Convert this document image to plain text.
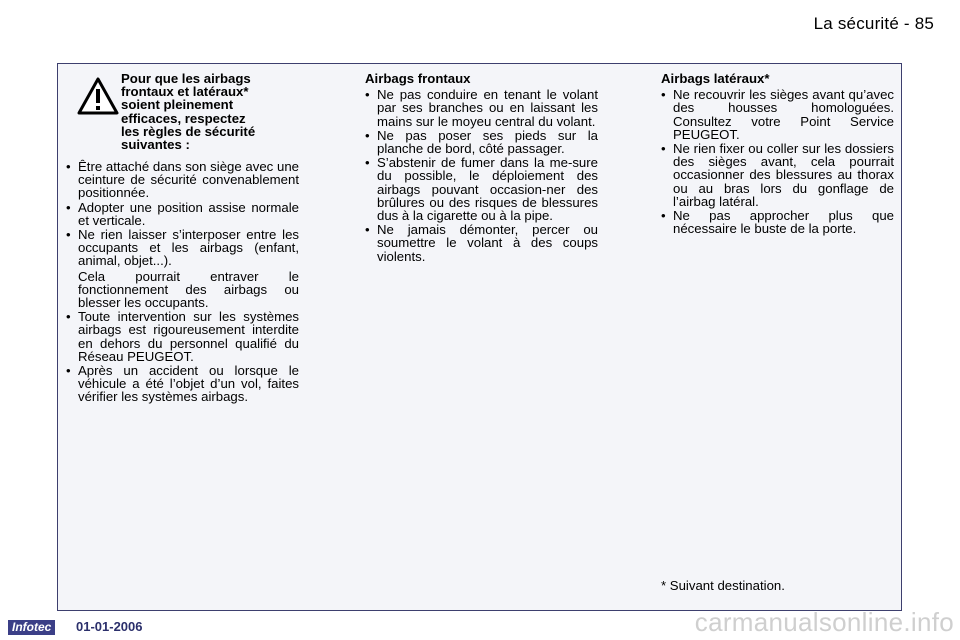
La sécurité - 85
Pour que les airbags
frontaux et latéraux*
soient pleinement
efficaces, respectez
les règles de sécurité
suivantes :
• Être attaché dans son siège avec une ceinture de sécurité convenablement positionnée.
• Adopter une position assise normale et verticale.
• Ne rien laisser s’interposer entre les occupants et les airbags (enfant, animal, objet...).
Cela pourrait entraver le fonctionnement des airbags ou blesser les occupants.
• Toute intervention sur les systèmes airbags est rigoureusement interdite en dehors du personnel qualifié du Réseau PEUGEOT.
• Après un accident ou lorsque le véhicule a été l’objet d’un vol, faites vérifier les systèmes airbags.
Airbags frontaux
• Ne pas conduire en tenant le volant par ses branches ou en laissant les mains sur le moyeu central du volant.
• Ne pas poser ses pieds sur la planche de bord, côté passager.
• S’abstenir de fumer dans la me-sure du possible, le déploiement des airbags pouvant occasion-ner des brûlures ou des risques de blessures dus à la cigarette ou à la pipe.
• Ne jamais démonter, percer ou soumettre le volant à des coups violents.
Airbags latéraux*
• Ne recouvrir les sièges avant qu’avec des housses homologuées. Consultez votre Point Service PEUGEOT.
• Ne rien fixer ou coller sur les dossiers des sièges avant, cela pourrait occasionner des blessures au thorax ou au bras lors du gonflage de l’airbag latéral.
• Ne pas approcher plus que nécessaire le buste de la porte.
* Suivant destination.
Infotec	01-01-2006	carmanualsonline.info
